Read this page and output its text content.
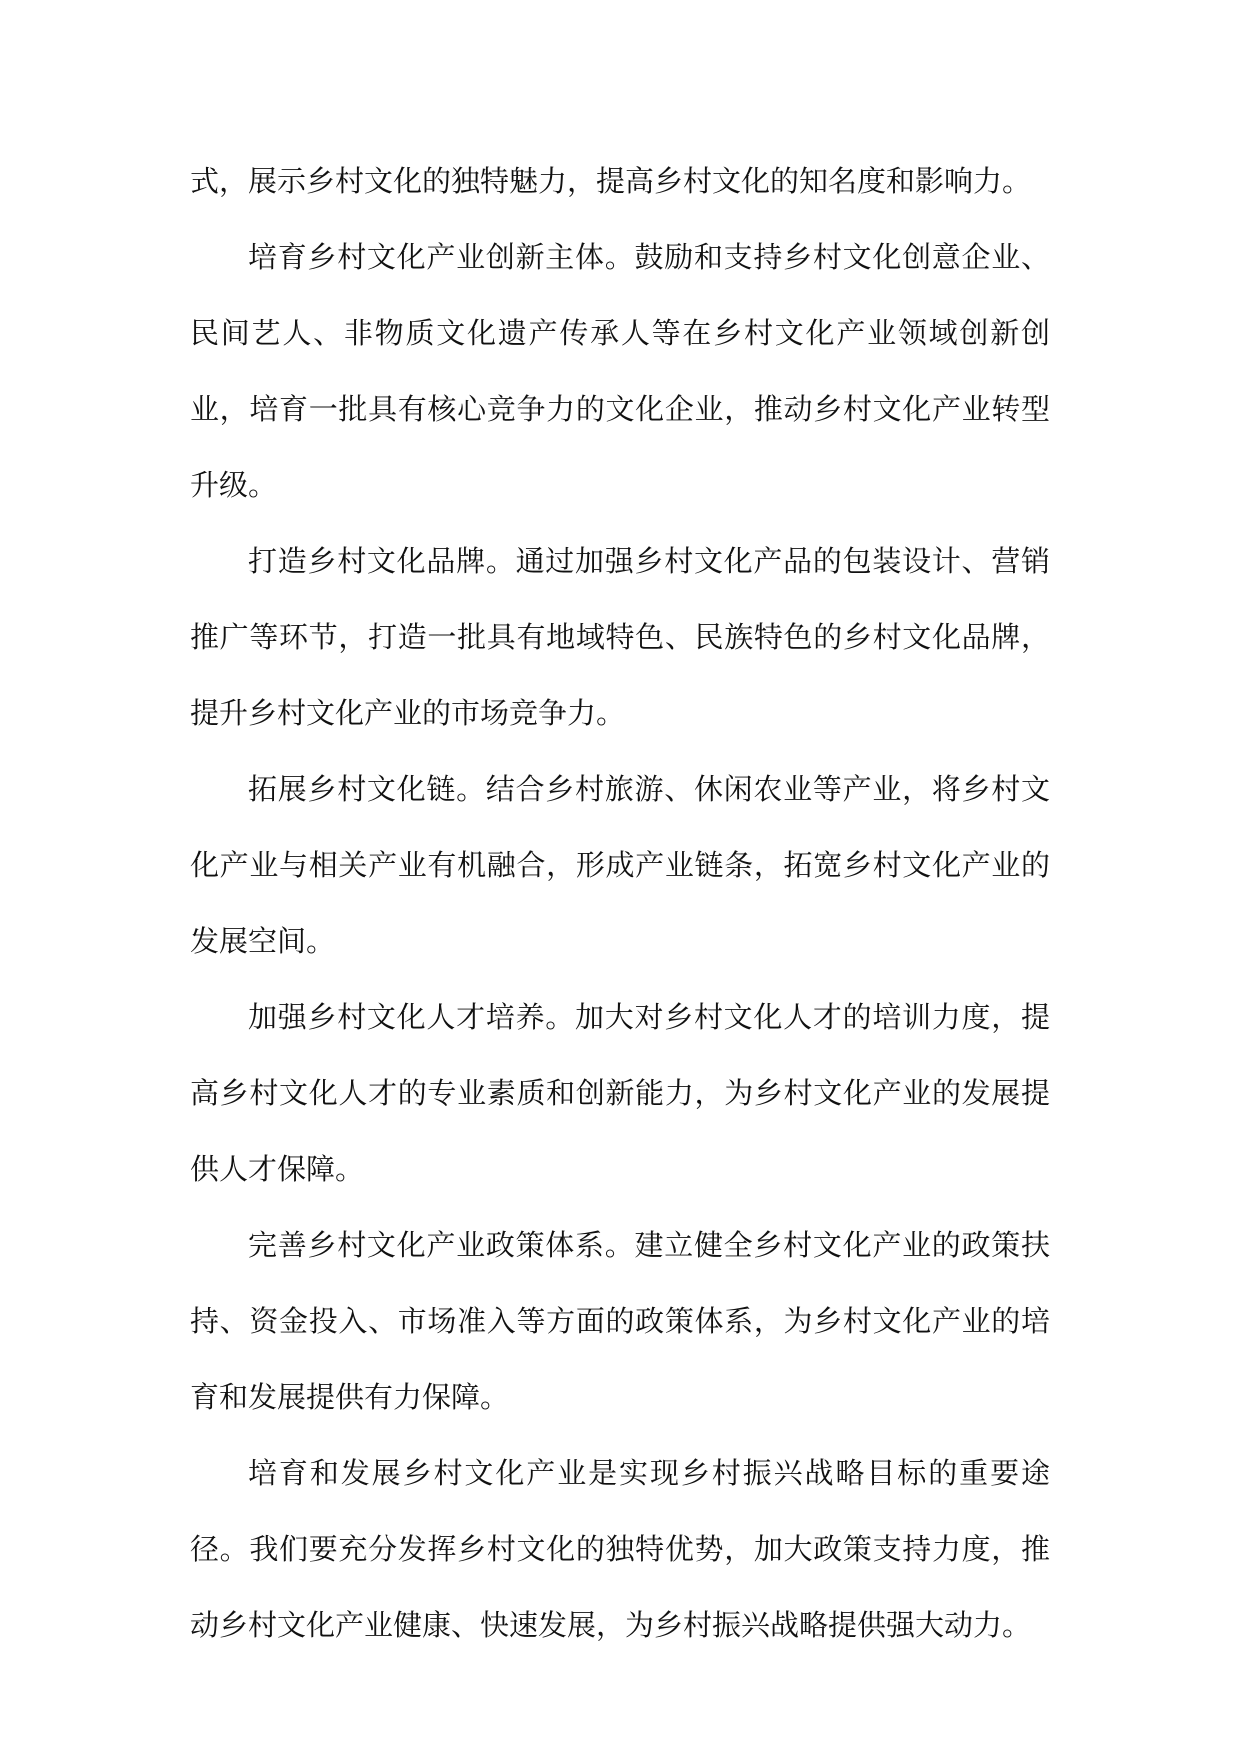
式，展示乡村文化的独特魅力，提高乡村文化的知名度和影响力。

培育乡村文化产业创新主体。鼓励和支持乡村文化创意企业、民间艺人、非物质文化遗产传承人等在乡村文化产业领域创新创业，培育一批具有核心竞争力的文化企业，推动乡村文化产业转型升级。

打造乡村文化品牌。通过加强乡村文化产品的包装设计、营销推广等环节，打造一批具有地域特色、民族特色的乡村文化品牌，提升乡村文化产业的市场竞争力。

拓展乡村文化链。结合乡村旅游、休闲农业等产业，将乡村文化产业与相关产业有机融合，形成产业链条，拓宽乡村文化产业的发展空间。

加强乡村文化人才培养。加大对乡村文化人才的培训力度，提高乡村文化人才的专业素质和创新能力，为乡村文化产业的发展提供人才保障。

完善乡村文化产业政策体系。建立健全乡村文化产业的政策扶持、资金投入、市场准入等方面的政策体系，为乡村文化产业的培育和发展提供有力保障。

培育和发展乡村文化产业是实现乡村振兴战略目标的重要途径。我们要充分发挥乡村文化的独特优势，加大政策支持力度，推动乡村文化产业健康、快速发展，为乡村振兴战略提供强大动力。
